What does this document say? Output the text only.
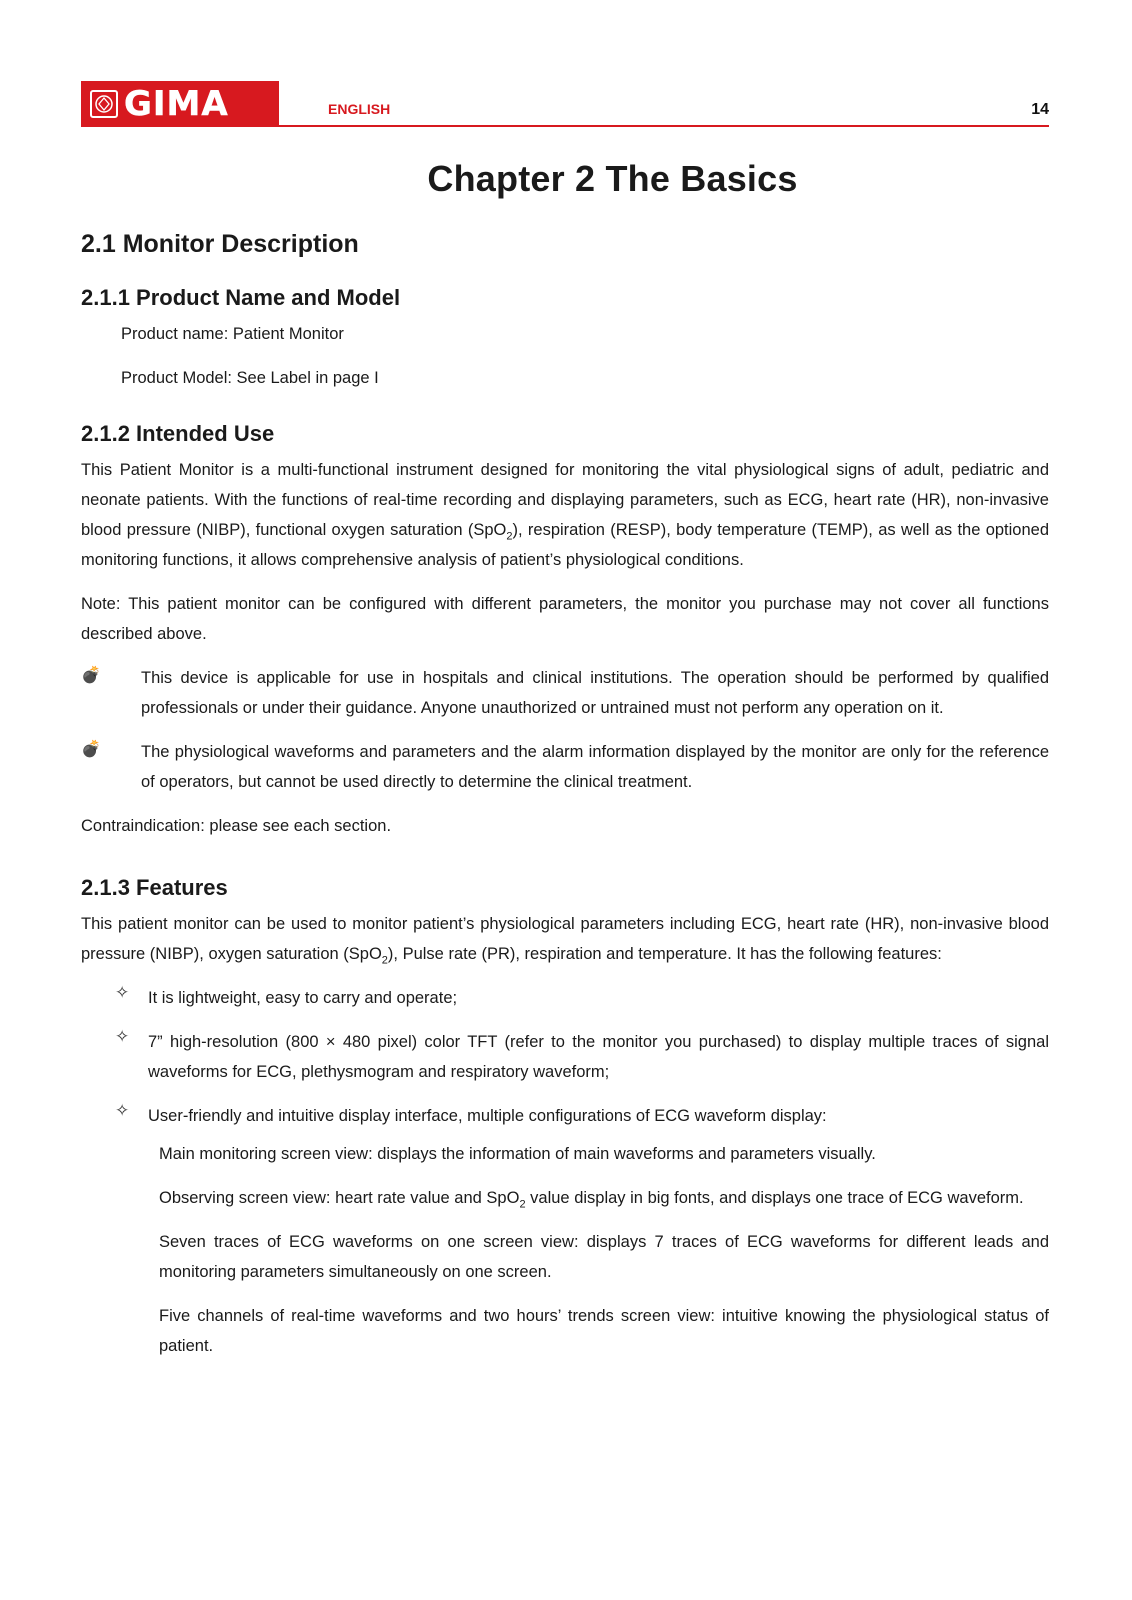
GIMA	ENGLISH	14
Chapter 2 The Basics
2.1 Monitor Description
2.1.1 Product Name and Model

Product name: Patient Monitor

Product Model: See Label in page I

2.1.2 Intended Use

This Patient Monitor is a multi-functional instrument designed for monitoring the vital physiological signs of adult, pediatric and neonate patients. With the functions of real-time recording and displaying parameters, such as ECG, heart rate (HR), non-invasive blood pressure (NIBP), functional oxygen saturation (SpO$_2$), respiration (RESP), body temperature (TEMP), as well as the optioned monitoring functions, it allows comprehensive analysis of patient’s physiological conditions.

Note: This patient monitor can be configured with different parameters, the monitor you purchase may not cover all functions described above.

💣	This device is applicable for use in hospitals and clinical institutions. The operation should be performed by qualified professionals or under their guidance. Anyone unauthorized or untrained must not perform any operation on it.
💣	The physiological waveforms and parameters and the alarm information displayed by the monitor are only for the reference of operators, but cannot be used directly to determine the clinical treatment.

Contraindication: please see each section.

2.1.3 Features

This patient monitor can be used to monitor patient’s physiological parameters including ECG, heart rate (HR), non-invasive blood pressure (NIBP), oxygen saturation (SpO$_2$), Pulse rate (PR), respiration and temperature. It has the following features:

✧	It is lightweight, easy to carry and operate;
✧	7” high-resolution (800 × 480 pixel) color TFT (refer to the monitor you purchased) to display multiple traces of signal waveforms for ECG, plethysmogram and respiratory waveform;
✧	User-friendly and intuitive display interface, multiple configurations of ECG waveform display:

Main monitoring screen view: displays the information of main waveforms and parameters visually.

Observing screen view: heart rate value and SpO$_2$ value display in big fonts, and displays one trace of ECG waveform.

Seven traces of ECG waveforms on one screen view: displays 7 traces of ECG waveforms for different leads and monitoring parameters simultaneously on one screen.

Five channels of real-time waveforms and two hours’ trends screen view: intuitive knowing the physiological status of patient.
